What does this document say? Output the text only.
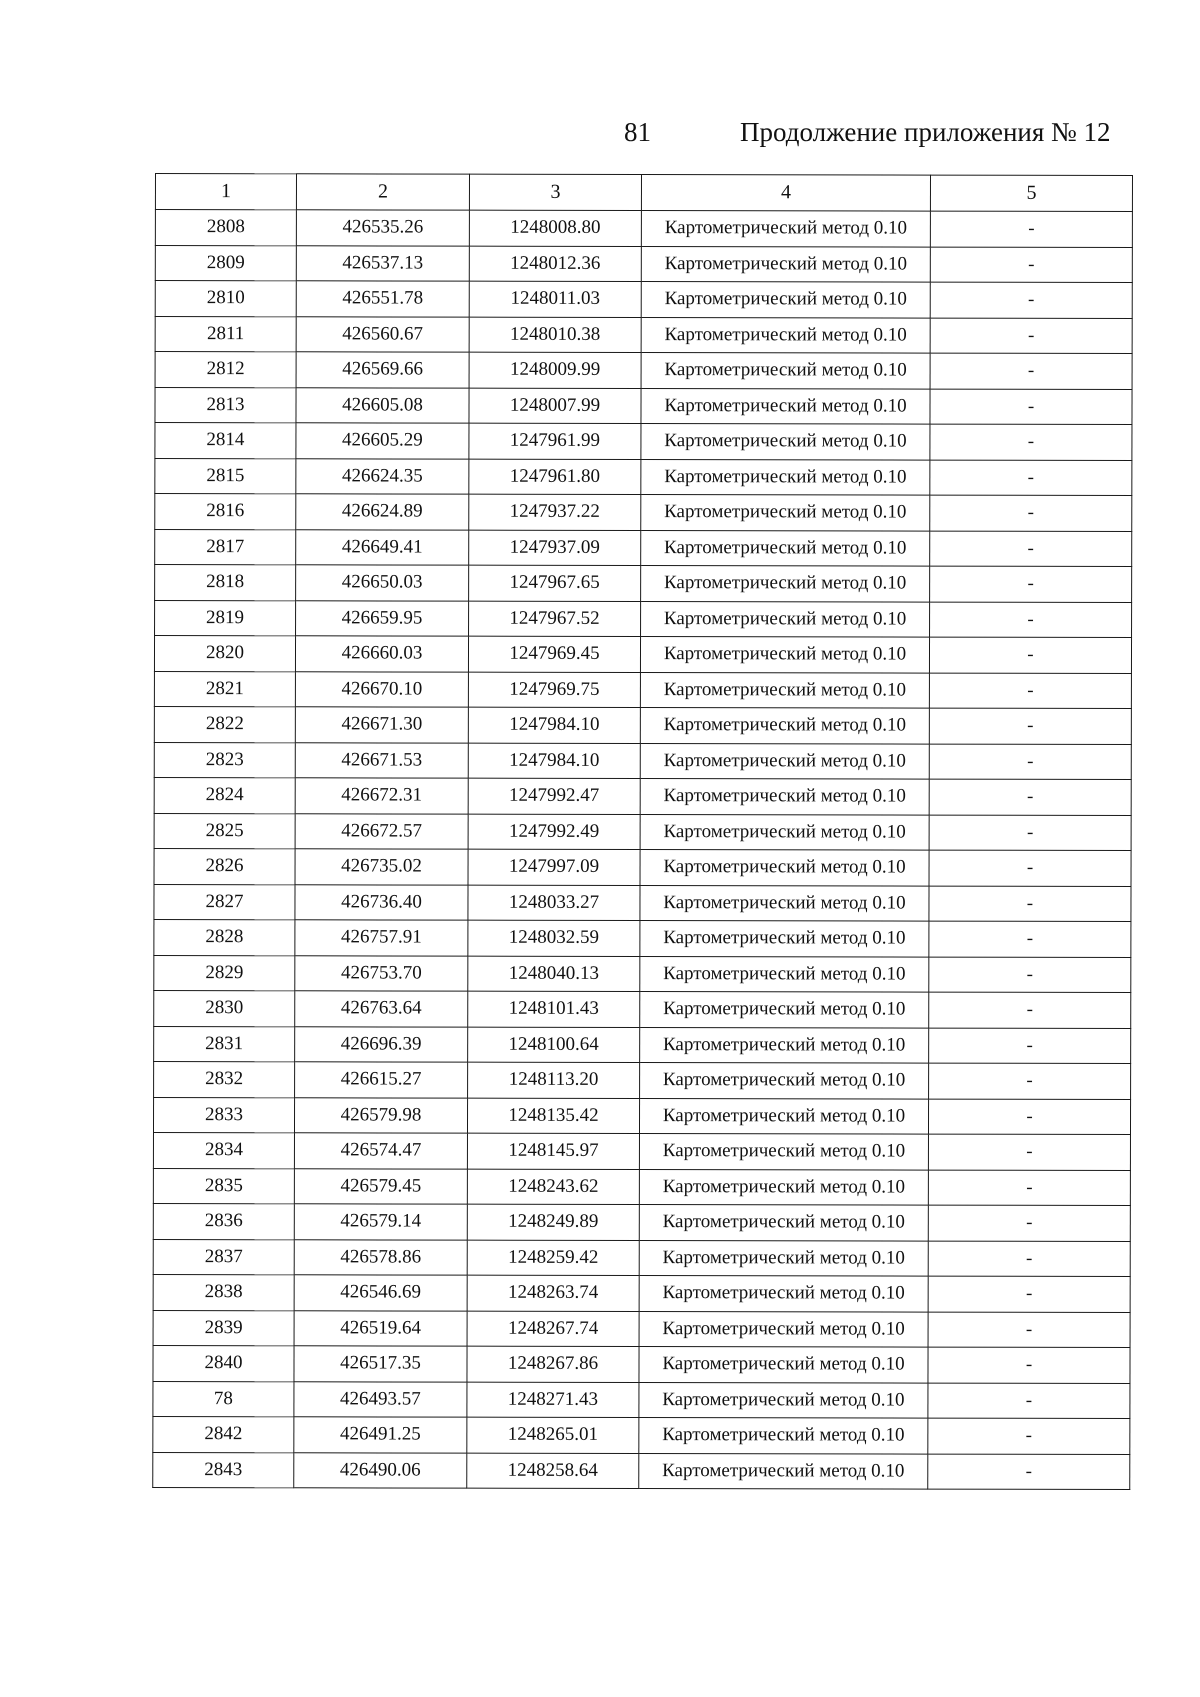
81	Продолжение приложения № 12
1	2	3	4	5
2808	426535.26	1248008.80	Картометрический метод 0.10	-
2809	426537.13	1248012.36	Картометрический метод 0.10	-
2810	426551.78	1248011.03	Картометрический метод 0.10	-
2811	426560.67	1248010.38	Картометрический метод 0.10	-
2812	426569.66	1248009.99	Картометрический метод 0.10	-
2813	426605.08	1248007.99	Картометрический метод 0.10	-
2814	426605.29	1247961.99	Картометрический метод 0.10	-
2815	426624.35	1247961.80	Картометрический метод 0.10	-
2816	426624.89	1247937.22	Картометрический метод 0.10	-
2817	426649.41	1247937.09	Картометрический метод 0.10	-
2818	426650.03	1247967.65	Картометрический метод 0.10	-
2819	426659.95	1247967.52	Картометрический метод 0.10	-
2820	426660.03	1247969.45	Картометрический метод 0.10	-
2821	426670.10	1247969.75	Картометрический метод 0.10	-
2822	426671.30	1247984.10	Картометрический метод 0.10	-
2823	426671.53	1247984.10	Картометрический метод 0.10	-
2824	426672.31	1247992.47	Картометрический метод 0.10	-
2825	426672.57	1247992.49	Картометрический метод 0.10	-
2826	426735.02	1247997.09	Картометрический метод 0.10	-
2827	426736.40	1248033.27	Картометрический метод 0.10	-
2828	426757.91	1248032.59	Картометрический метод 0.10	-
2829	426753.70	1248040.13	Картометрический метод 0.10	-
2830	426763.64	1248101.43	Картометрический метод 0.10	-
2831	426696.39	1248100.64	Картометрический метод 0.10	-
2832	426615.27	1248113.20	Картометрический метод 0.10	-
2833	426579.98	1248135.42	Картометрический метод 0.10	-
2834	426574.47	1248145.97	Картометрический метод 0.10	-
2835	426579.45	1248243.62	Картометрический метод 0.10	-
2836	426579.14	1248249.89	Картометрический метод 0.10	-
2837	426578.86	1248259.42	Картометрический метод 0.10	-
2838	426546.69	1248263.74	Картометрический метод 0.10	-
2839	426519.64	1248267.74	Картометрический метод 0.10	-
2840	426517.35	1248267.86	Картометрический метод 0.10	-
78	426493.57	1248271.43	Картометрический метод 0.10	-
2842	426491.25	1248265.01	Картометрический метод 0.10	-
2843	426490.06	1248258.64	Картометрический метод 0.10	-
